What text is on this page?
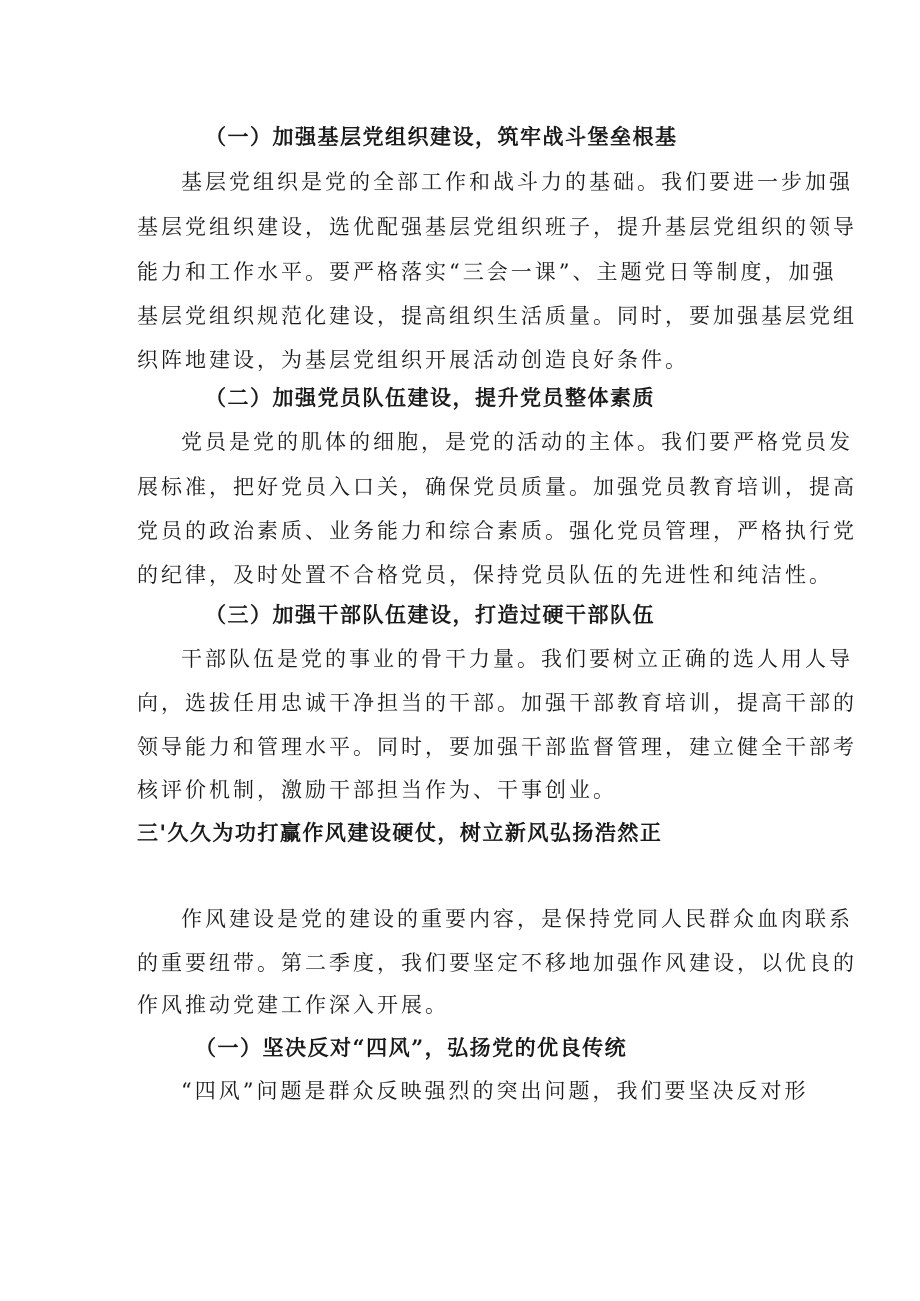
（一）加强基层党组织建设，筑牢战斗堡垒根基
基层党组织是党的全部工作和战斗力的基础。我们要进一步加强
基层党组织建设，选优配强基层党组织班子，提升基层党组织的领导
能力和工作水平。要严格落实“三会一课”、主题党日等制度，加强
基层党组织规范化建设，提高组织生活质量。同时，要加强基层党组
织阵地建设，为基层党组织开展活动创造良好条件。
（二）加强党员队伍建设，提升党员整体素质
党员是党的肌体的细胞，是党的活动的主体。我们要严格党员发
展标准，把好党员入口关，确保党员质量。加强党员教育培训，提高
党员的政治素质、业务能力和综合素质。强化党员管理，严格执行党
的纪律，及时处置不合格党员，保持党员队伍的先进性和纯洁性。
（三）加强干部队伍建设，打造过硬干部队伍
干部队伍是党的事业的骨干力量。我们要树立正确的选人用人导
向，选拔任用忠诚干净担当的干部。加强干部教育培训，提高干部的
领导能力和管理水平。同时，要加强干部监督管理，建立健全干部考
核评价机制，激励干部担当作为、干事创业。
三'久久为功打赢作风建设硬仗，树立新风弘扬浩然正
作风建设是党的建设的重要内容，是保持党同人民群众血肉联系
的重要纽带。第二季度，我们要坚定不移地加强作风建设，以优良的
作风推动党建工作深入开展。
（一）坚决反对“四风”，弘扬党的优良传统
“四风”问题是群众反映强烈的突出问题，我们要坚决反对形
